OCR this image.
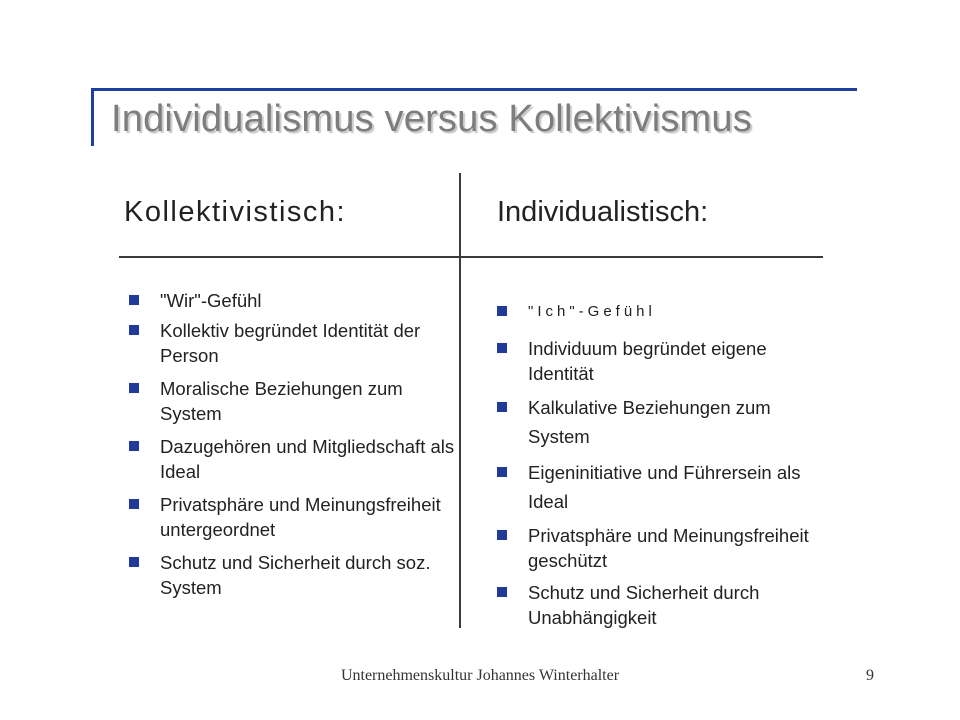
Individualismus versus Kollektivismus
Kollektivistisch:	Individualistisch:
"Wir"-Gefühl
Kollektiv begründet Identität der Person
Moralische Beziehungen zum System
Dazugehören und Mitgliedschaft als Ideal
Privatsphäre und Meinungsfreiheit untergeordnet
Schutz und Sicherheit durch soz. System
"Ich"-Gefühl
Individuum begründet eigene Identität
Kalkulative Beziehungen zum System
Eigeninitiative und Führersein als Ideal
Privatsphäre und Meinungsfreiheit geschützt
Schutz und Sicherheit durch Unabhängigkeit
Unternehmenskultur Johannes Winterhalter	9
